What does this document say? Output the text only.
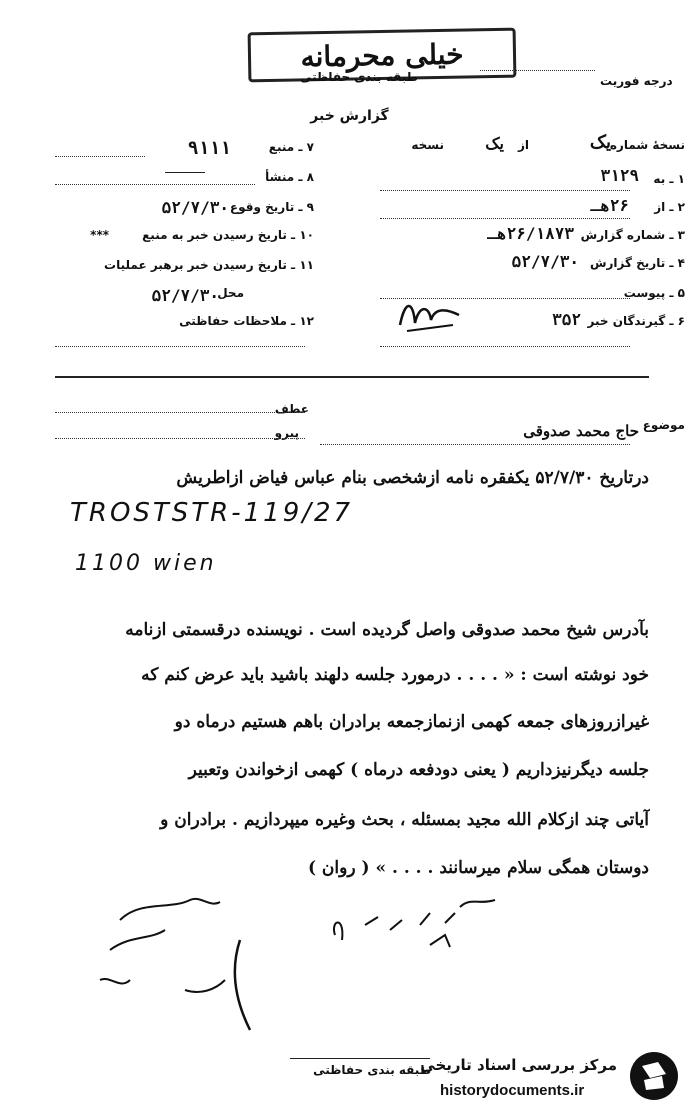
خیلی محرمانه
طبقه بندی حفاظتی	درجه فوریت
گزارش خبر
نسخهٔ شماره
یک
از
یک
نسخه
۱ ـ به
۳۱۲۹
۲ ـ از
۲۶هـ
۳ ـ شماره گزارش
۲۶/۱۸۷۳هـ
۴ ـ تاریخ گزارش
۵۲/۷/۳۰
۵ ـ پیوست
۶ ـ گیرندگان خبر
۳۵۲
۷ ـ منبع
۹۱۱۱
۸ ـ منشأ
۹ ـ تاریخ وقوع
۵۲/۷/۳۰
۱۰ ـ تاریخ رسیدن خبر به منبع
***
۱۱ ـ تاریخ رسیدن خبر برهبر عملیات
محل
۵۲/۷/۳۰
۱۲ ـ ملاحظات حفاظتی
عطف
پیرو
موضوع
حاج محمد صدوقی
درتاریخ ۵۲/۷/۳۰ یکفقره نامه ازشخصی بنام عباس فیاض ازاطریش
TROSTSTR-119/27
1100 wien
بآدرس شیخ محمد صدوقی واصل گردیده است . نویسنده درقسمتی ازنامه
خود نوشته است : « . . . . درمورد جلسه دلهند باشید باید عرض کنم که
غیرازروزهای جمعه کهمی ازنمازجمعه برادران باهم هستیم درماه دو
جلسه دیگرنیزداریم ( یعنی دودفعه درماه ) کهمی ازخواندن وتعبیر
آیاتی چند ازکلام الله مجید بمسئله ، بحث وغیره میپردازیم . برادران و
دوستان همگی سلام میرسانند . . . . » ( روان )
طبقه بندی حفاظتی
مرکز بررسی اسناد تاریخی
historydocuments.ir
